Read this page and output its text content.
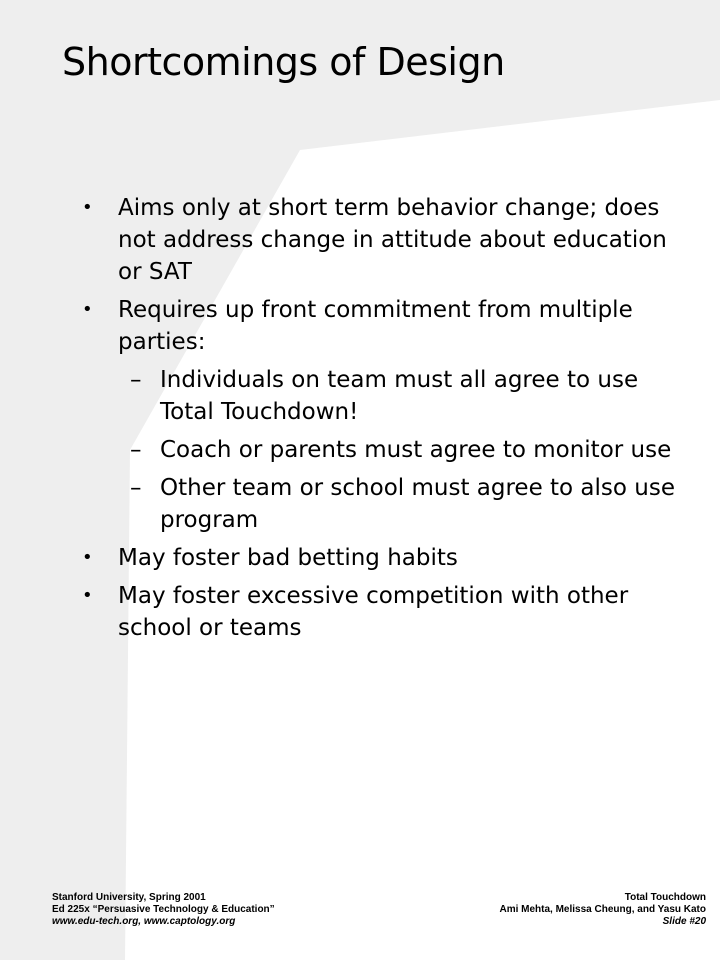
Shortcomings of Design
• Aims only at short term behavior change; does not address change in attitude about education or SAT
• Requires up front commitment from multiple parties:
– Individuals on team must all agree to use Total Touchdown!
– Coach or parents must agree to monitor use
– Other team or school must agree to also use program
• May foster bad betting habits
• May foster excessive competition with other school or teams
Stanford University, Spring 2001
Ed 225x “Persuasive Technology & Education”
www.edu-tech.org, www.captology.org
Total Touchdown
Ami Mehta, Melissa Cheung, and Yasu Kato
Slide #20
